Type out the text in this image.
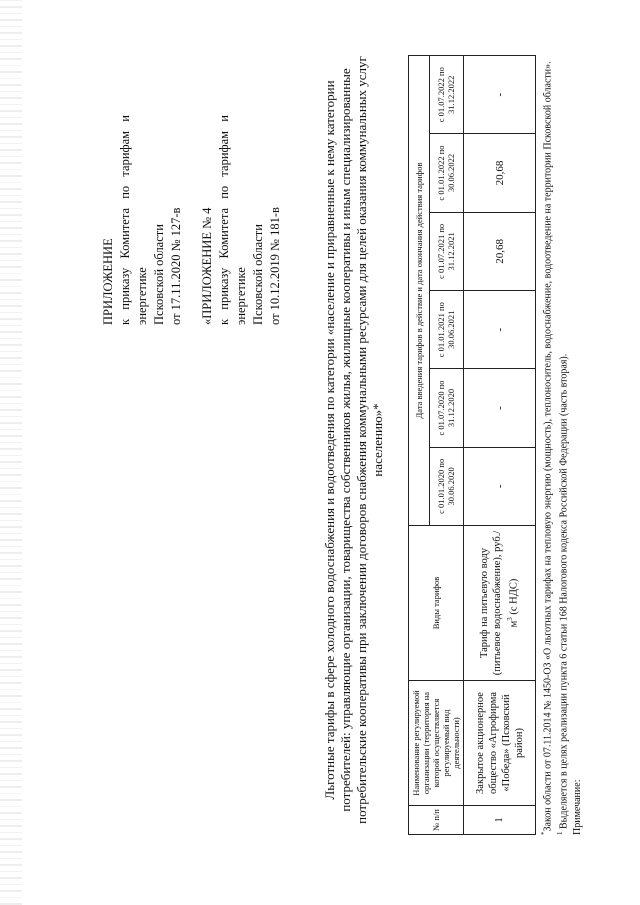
ПРИЛОЖЕНИЕ к приказу Комитета по тарифам и энергетике Псковской области от 17.11.2020 № 127-в «ПРИЛОЖЕНИЕ № 4 к приказу Комитета по тарифам и энергетике Псковской области от 10.12.2019 № 181-в	Льготные тарифы в сфере холодного водоснабжения и водоотведения по категории «население и приравненные к нему категории потребителей: управляющие организации, товарищества собственников жилья, жилищные кооперативы и иным специализированные потребительские кооперативы при заключении договоров снабжения коммунальными ресурсами для целей оказания коммунальных услуг населению»*
№ п/п	Наименование регулируемой организации (территория на которой осуществляется регулируемый вид деятельности)	Виды тарифов	Дата введения тарифов в действие и дата окончания действия тарифов					
			с 01.01.2020 по 30.06.2020	с 01.07.2020 по 31.12.2020	с 01.01.2021 по 30.06.2021	с 01.07.2021 по 31.12.2021	с 01.01.2022 по 30.06.2022	с 01.07.2022 по 31.12.2022
1	Закрытое акционерное общество «Агрофирма «Победа» (Псковский район)	Тариф на питьевую воду (питьевое водоснабжение), $руб./м^3$ (с НДС)	-	-	-	20,68	20,68	-

*Закон области от 07.11.2014 № 1450-ОЗ «О льготных тарифах на тепловую энергию (мощность), теплоноситель, водоснабжение, водоотведение на территории Псковской области».

$^1$ Выделяется в целях реализации пункта 6 статьи 168 Налогового кодекса Российской Федерации (часть вторая). Примечание:
